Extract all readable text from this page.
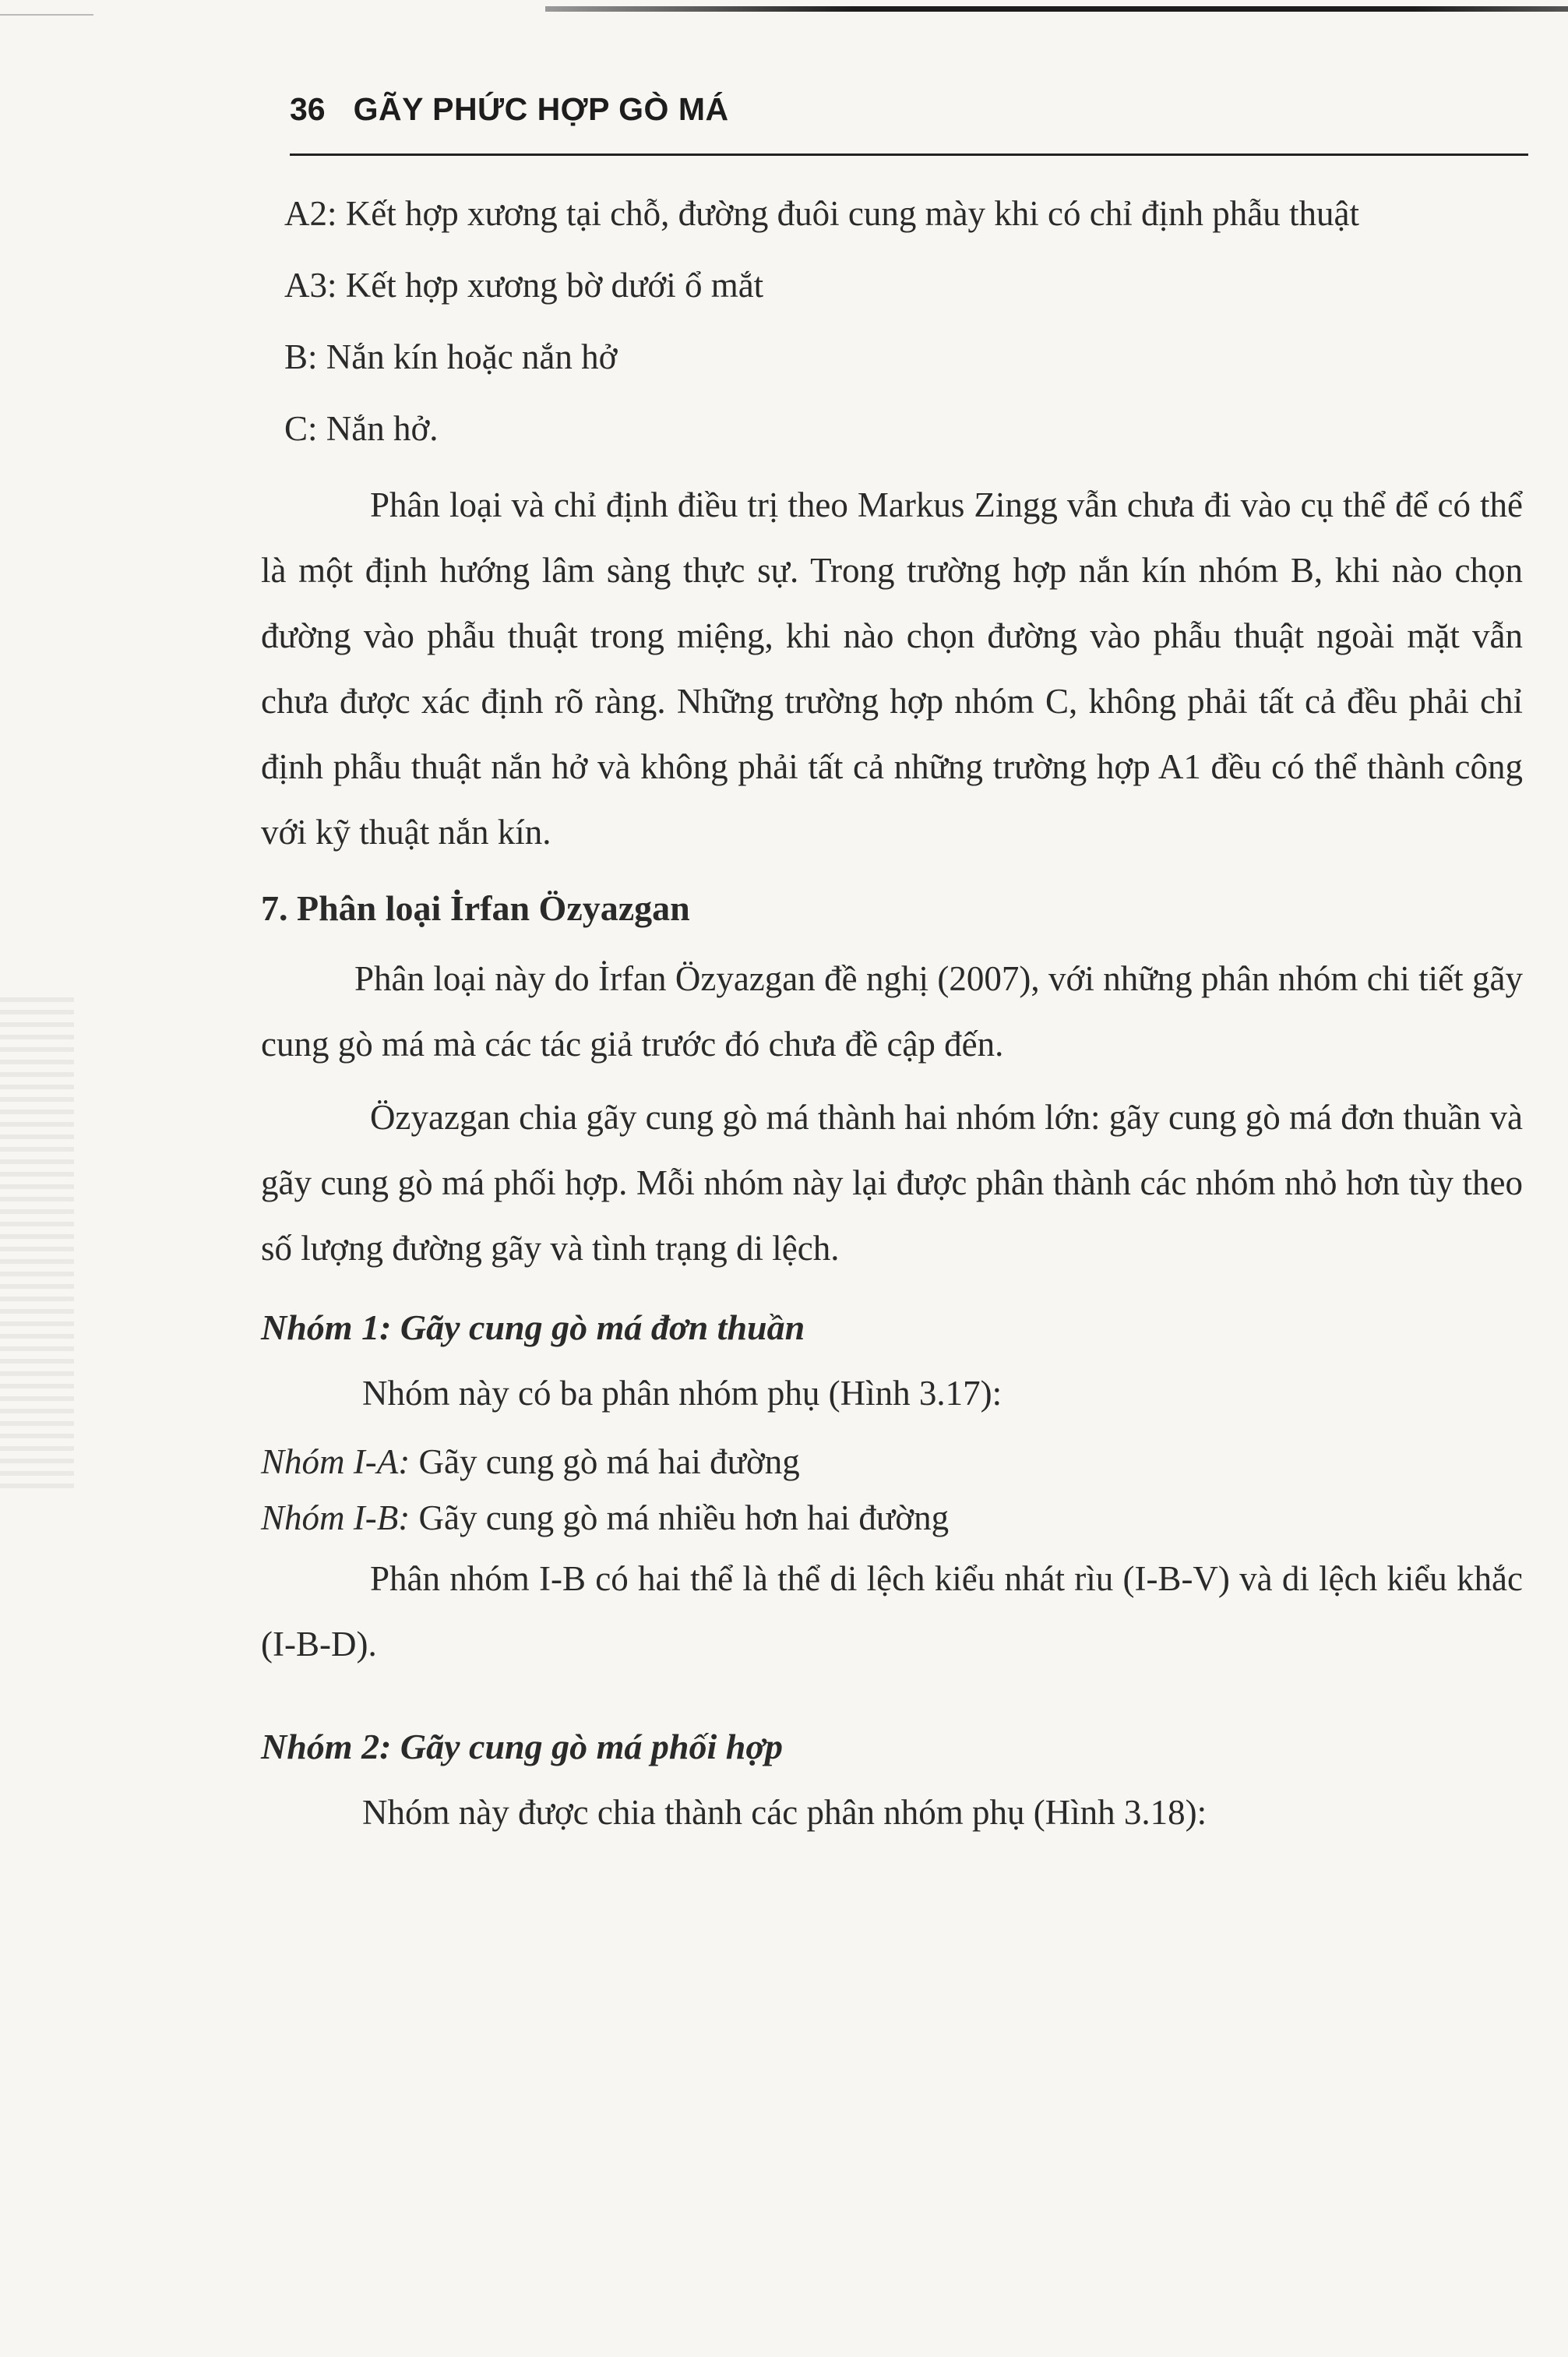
36 GÃY PHỨC HỢP GÒ MÁ

A2: Kết hợp xương tại chỗ, đường đuôi cung mày khi có chỉ định phẫu thuật

A3: Kết hợp xương bờ dưới ổ mắt

B: Nắn kín hoặc nắn hở

C: Nắn hở.

Phân loại và chỉ định điều trị theo Markus Zingg vẫn chưa đi vào cụ thể để có thể là một định hướng lâm sàng thực sự. Trong trường hợp nắn kín nhóm B, khi nào chọn đường vào phẫu thuật trong miệng, khi nào chọn đường vào phẫu thuật ngoài mặt vẫn chưa được xác định rõ ràng. Những trường hợp nhóm C, không phải tất cả đều phải chỉ định phẫu thuật nắn hở và không phải tất cả những trường hợp A1 đều có thể thành công với kỹ thuật nắn kín.

7. Phân loại İrfan Özyazgan

Phân loại này do İrfan Özyazgan đề nghị (2007), với những phân nhóm chi tiết gãy cung gò má mà các tác giả trước đó chưa đề cập đến.

Özyazgan chia gãy cung gò má thành hai nhóm lớn: gãy cung gò má đơn thuần và gãy cung gò má phối hợp. Mỗi nhóm này lại được phân thành các nhóm nhỏ hơn tùy theo số lượng đường gãy và tình trạng di lệch.

Nhóm 1: Gãy cung gò má đơn thuần

Nhóm này có ba phân nhóm phụ (Hình 3.17):

Nhóm I-A: Gãy cung gò má hai đường

Nhóm I-B: Gãy cung gò má nhiều hơn hai đường

Phân nhóm I-B có hai thể là thể di lệch kiểu nhát rìu (I-B-V) và di lệch kiểu khắc (I-B-D).

Nhóm 2: Gãy cung gò má phối hợp

Nhóm này được chia thành các phân nhóm phụ (Hình 3.18):
